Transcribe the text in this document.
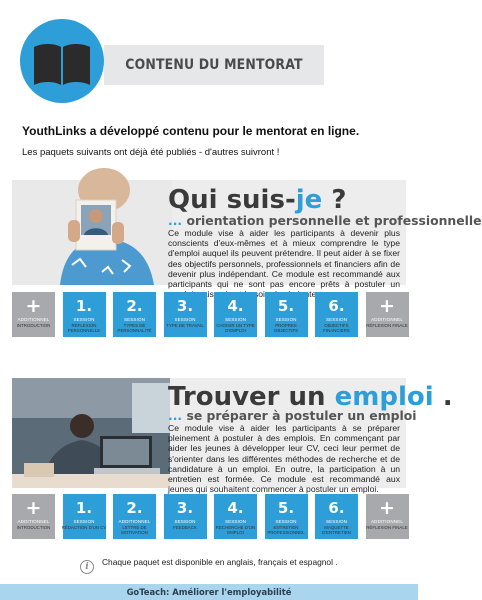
CONTENU DU MENTORAT
YouthLinks a développé contenu pour le mentorat en ligne.
Les paquets suivants ont déjà été publiés - d'autres suivront !
Qui suis-je ?
... orientation personnelle et professionnelle
Ce module vise à aider les participants à devenir plus conscients d'eux-mêmes et à mieux comprendre le type d'emploi auquel ils peuvent prétendre. Il peut aider à se fixer des objectifs personnels, professionnels et financiers afin de devenir plus indépendant. Ce module est recommandé aux participants qui ne sont pas encore prêts à postuler un besoin
+
ADDITIONNEL
INTRODUCTION
1.
SESSION
RÉFLEXION PERSONNELLE
2.
SESSION
TYPES DE PERSONNALITÉ
3.
SESSION
TYPE DE TRAVAIL
4.
SESSION
CHOISIR UN TYPE D'EMPLOI
5.
SESSION
PROPRES OBJECTIFS
6.
SESSION
OBJECTIFS FINANCIERS
+
ADDITIONNEL
RÉFLEXION FINALE
Trouver un emploi .
... se préparer à postuler un emploi
Ce module vise à aider les participants à se préparer pleinement à postuler à des emplois. En commençant par aider les jeunes à développer leur CV, ceci leur permet de s'orienter dans les différentes méthodes de recherche et de candidature à un emploi. En outre, la participation à un entretien est formée. Ce module est recommandé aux jeunes qui souhaitent commencer à postuler un emploi.
+
ADDITIONNEL
INTRODUCTION
1.
SESSION
RÉDACTION D'UN CV
2.
ADDITIONNEL
LETTRE DE MOTIVATION
3.
SESSION
FEEDBACK
4.
SESSION
RECHERCHE D'UN EMPLOI
5.
SESSION
ENTRETIEN PROFESSIONNEL
6.
SESSION
MAQUETTE D'ENTRETIEN
+
ADDITIONNEL
RÉFLEXION FINALE
i	Chaque paquet est disponible en anglais, français et espagnol .
GoTeach: Améliorer l'employabilité
